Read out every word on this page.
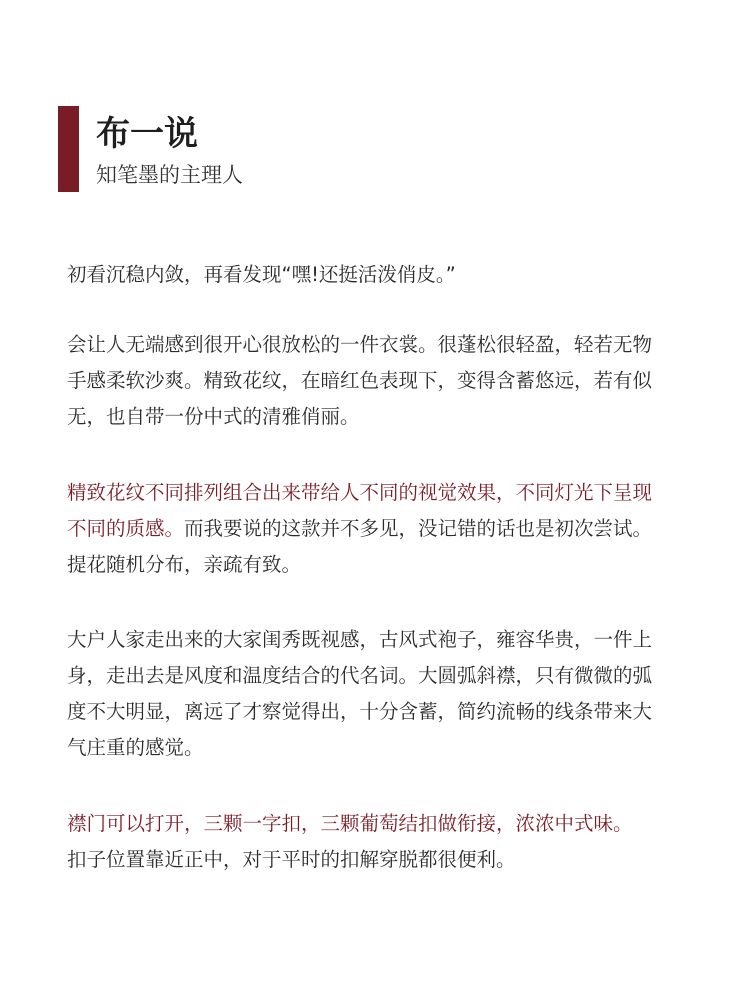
布一说
知笔墨的主理人
初看沉稳内敛，再看发现“嘿!还挺活泼俏皮。”
会让人无端感到很开心很放松的一件衣裳。很蓬松很轻盈，轻若无物
手感柔软沙爽。精致花纹，在暗红色表现下，变得含蓄悠远，若有似
无，也自带一份中式的清雅俏丽。
精致花纹不同排列组合出来带给人不同的视觉效果，不同灯光下呈现
不同的质感。而我要说的这款并不多见，没记错的话也是初次尝试。
提花随机分布，亲疏有致。
大户人家走出来的大家闺秀既视感，古风式袍子，雍容华贵，一件上
身，走出去是风度和温度结合的代名词。大圆弧斜襟，只有微微的弧
度不大明显，离远了才察觉得出，十分含蓄，简约流畅的线条带来大
气庄重的感觉。
襟门可以打开，三颗一字扣，三颗葡萄结扣做衔接，浓浓中式味。
扣子位置靠近正中，对于平时的扣解穿脱都很便利。
